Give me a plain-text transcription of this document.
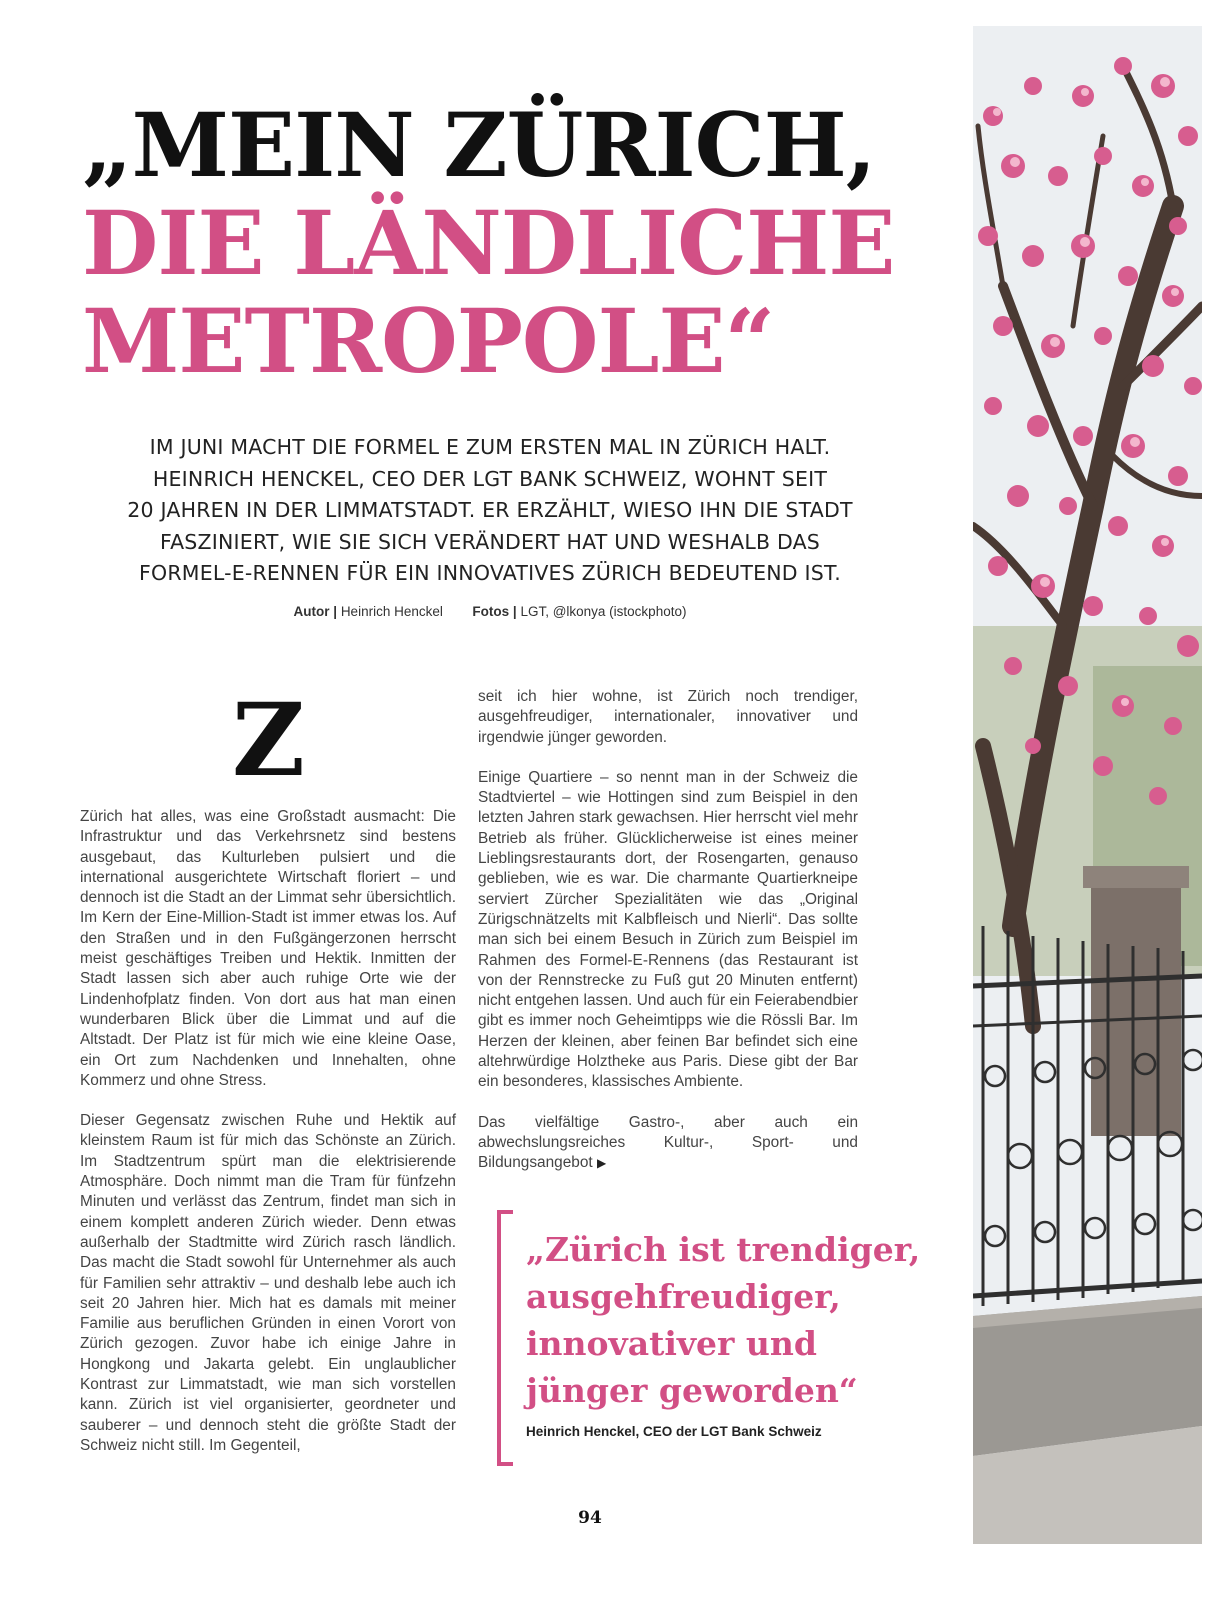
„MEIN ZÜRICH,
DIE LÄNDLICHE
METROPOLE“

IM JUNI MACHT DIE FORMEL E ZUM ERSTEN MAL IN ZÜRICH HALT.
HEINRICH HENCKEL, CEO DER LGT BANK SCHWEIZ, WOHNT SEIT
20 JAHREN IN DER LIMMATSTADT. ER ERZÄHLT, WIESO IHN DIE STADT
FASZINIERT, WIE SIE SICH VERÄNDERT HAT UND WESHALB DAS
FORMEL-E-RENNEN FÜR EIN INNOVATIVES ZÜRICH BEDEUTEND IST.

Autor | Heinrich Henckel Fotos | LGT, @lkonya (istockphoto)
Z

Zürich hat alles, was eine Großstadt ausmacht: Die Infrastruktur und das Verkehrsnetz sind bestens ausgebaut, das Kulturleben pulsiert und die international ausgerichtete Wirtschaft floriert – und dennoch ist die Stadt an der Limmat sehr übersichtlich. Im Kern der Eine-Million-Stadt ist immer etwas los. Auf den Straßen und in den Fußgängerzonen herrscht meist geschäftiges Treiben und Hektik. Inmitten der Stadt lassen sich aber auch ruhige Orte wie der Lindenhofplatz finden. Von dort aus hat man einen wunderbaren Blick über die Limmat und auf die Altstadt. Der Platz ist für mich wie eine kleine Oase, ein Ort zum Nachdenken und Innehalten, ohne Kommerz und ohne Stress.

Dieser Gegensatz zwischen Ruhe und Hektik auf kleinstem Raum ist für mich das Schönste an Zürich. Im Stadtzentrum spürt man die elektrisierende Atmosphäre. Doch nimmt man die Tram für fünfzehn Minuten und verlässt das Zentrum, findet man sich in einem komplett anderen Zürich wieder. Denn etwas außerhalb der Stadtmitte wird Zürich rasch ländlich. Das macht die Stadt sowohl für Unternehmer als auch für Familien sehr attraktiv – und deshalb lebe auch ich seit 20 Jahren hier. Mich hat es damals mit meiner Familie aus beruflichen Gründen in einen Vorort von Zürich gezogen. Zuvor habe ich einige Jahre in Hongkong und Jakarta gelebt. Ein unglaublicher Kontrast zur Limmatstadt, wie man sich vorstellen kann. Zürich ist viel organisierter, geordneter und sauberer – und dennoch steht die größte Stadt der Schweiz nicht still. Im Gegenteil,

seit ich hier wohne, ist Zürich noch trendiger, ausgehfreudiger, internationaler, innovativer und irgendwie jünger geworden.

Einige Quartiere – so nennt man in der Schweiz die Stadtviertel – wie Hottingen sind zum Beispiel in den letzten Jahren stark gewachsen. Hier herrscht viel mehr Betrieb als früher. Glücklicherweise ist eines meiner Lieblingsrestaurants dort, der Rosengarten, genauso geblieben, wie es war. Die charmante Quartierkneipe serviert Zürcher Spezialitäten wie das „Original Zürigschnätzelts mit Kalbfleisch und Nierli“. Das sollte man sich bei einem Besuch in Zürich zum Beispiel im Rahmen des Formel-E-Rennens (das Restaurant ist von der Rennstrecke zu Fuß gut 20 Minuten entfernt) nicht entgehen lassen. Und auch für ein Feierabendbier gibt es immer noch Geheimtipps wie die Rössli Bar. Im Herzen der kleinen, aber feinen Bar befindet sich eine altehrwürdige Holztheke aus Paris. Diese gibt der Bar ein besonderes, klassisches Ambiente.

Das vielfältige Gastro-, aber auch ein abwechslungsreiches Kultur-, Sport- und Bildungsangebot ▶

„Zürich ist trendiger, ausgehfreudiger, innovativer und jünger geworden“

Heinrich Henckel, CEO der LGT Bank Schweiz
94
